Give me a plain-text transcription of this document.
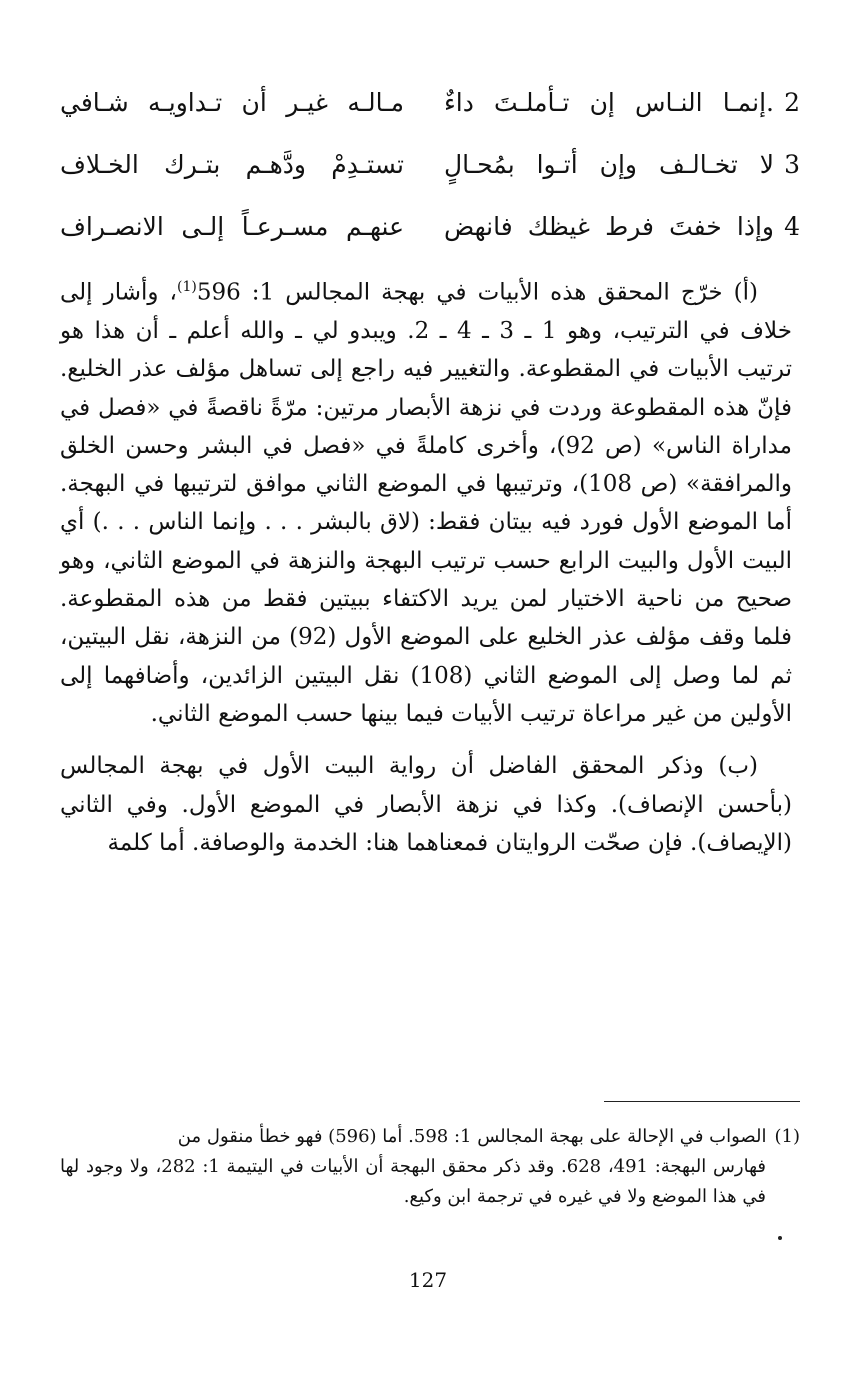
2
.إنمـا النـاس إن تـأملـتَ داءٌ
مـالـه غيـر أن تـداويـه شـافي
3
لا تخـالـف وإن أتـوا بمُحـالٍ
تستـدِمْ ودَّهـم بتـرك الخـلاف
4
وإذا خفتَ فرط غيظك فانهض
عنهـم مسـرعـاً إلـى الانصـراف

(أ) خرّج المحقق هذه الأبيات في بهجة المجالس 1: 596$^{(1)}$، وأشار إلى خلاف في الترتيب، وهو 1 ـ 3 ـ 4 ـ 2. ويبدو لي ـ والله أعلم ـ أن هذا هو ترتيب الأبيات في المقطوعة. والتغيير فيه راجع إلى تساهل مؤلف عذر الخليع. فإنّ هذه المقطوعة وردت في نزهة الأبصار مرتين: مرّةً ناقصةً في «فصل في مداراة الناس» (ص 92)، وأخرى كاملةً في «فصل في البشر وحسن الخلق والمرافقة» (ص 108)، وترتيبها في الموضع الثاني موافق لترتيبها في البهجة. أما الموضع الأول فورد فيه بيتان فقط: (لاق بالبشر . . . وإنما الناس . . .) أي البيت الأول والبيت الرابع حسب ترتيب البهجة والنزهة في الموضع الثاني، وهو صحيح من ناحية الاختيار لمن يريد الاكتفاء ببيتين فقط من هذه المقطوعة. فلما وقف مؤلف عذر الخليع على الموضع الأول (92) من النزهة، نقل البيتين، ثم لما وصل إلى الموضع الثاني (108) نقل البيتين الزائدين، وأضافهما إلى الأولين من غير مراعاة ترتيب الأبيات فيما بينها حسب الموضع الثاني.

(ب) وذكر المحقق الفاضل أن رواية البيت الأول في بهجة المجالس (بأحسن الإنصاف). وكذا في نزهة الأبصار في الموضع الأول. وفي الثاني (الإيصاف). فإن صحّت الروايتان فمعناهما هنا: الخدمة والوصافة. أما كلمة

(1)الصواب في الإحالة على بهجة المجالس 1: 598. أما (596) فهو خطأ منقول من
فهارس البهجة: 491، 628. وقد ذكر محقق البهجة أن الأبيات في اليتيمة 1: 282، ولا وجود لها في هذا الموضع ولا في غيره في ترجمة ابن وكيع.
127
